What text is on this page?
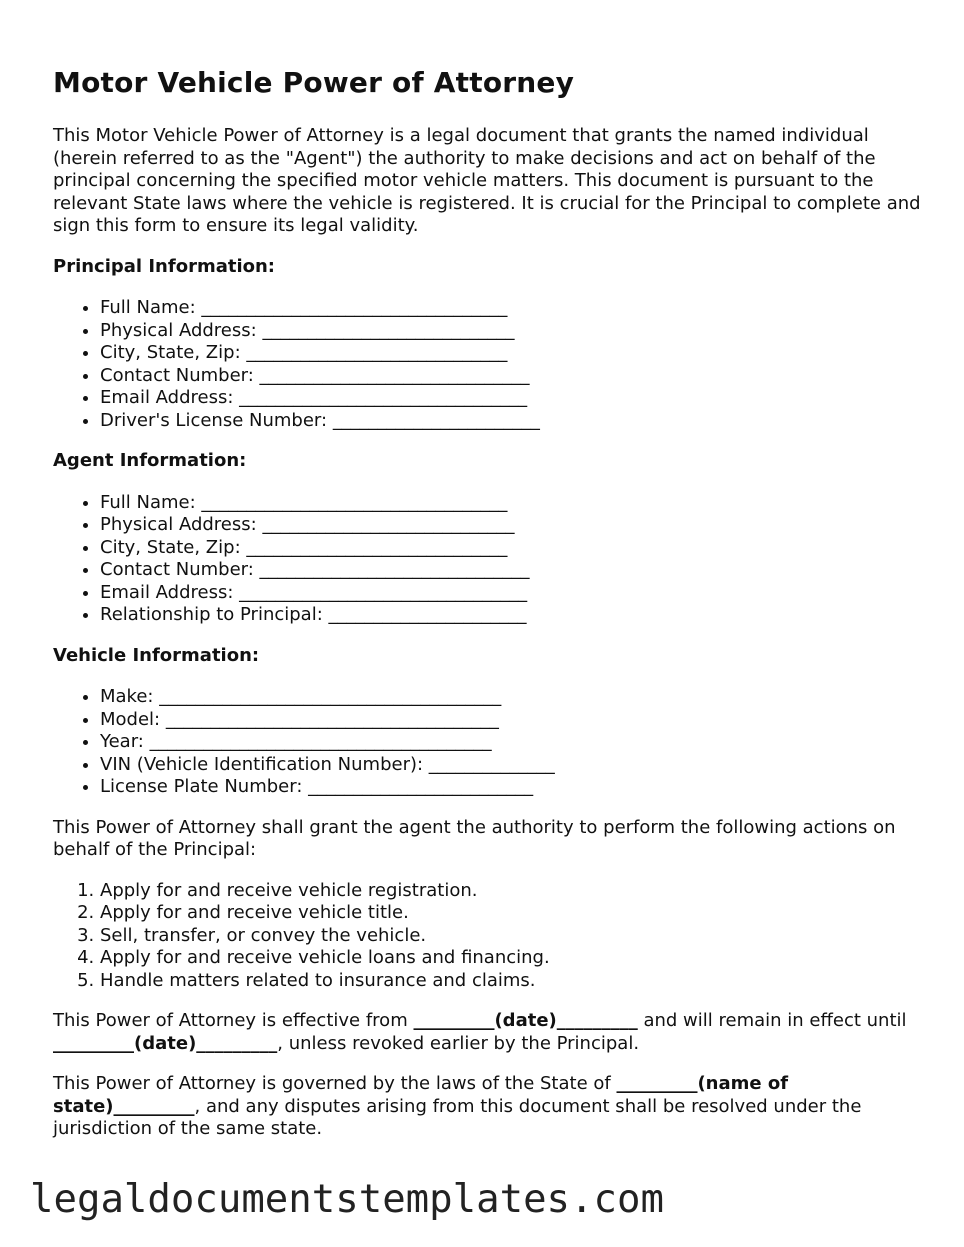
Motor Vehicle Power of Attorney

This Motor Vehicle Power of Attorney is a legal document that grants the named individual (herein referred to as the "Agent") the authority to make decisions and act on behalf of the principal concerning the specified motor vehicle matters. This document is pursuant to the relevant State laws where the vehicle is registered. It is crucial for the Principal to complete and sign this form to ensure its legal validity.

Principal Information:
• Full Name: __________________________________
• Physical Address: ____________________________
• City, State, Zip: _____________________________
• Contact Number: ______________________________
• Email Address: ________________________________
• Driver's License Number: _______________________
Agent Information:
• Full Name: __________________________________
• Physical Address: ____________________________
• City, State, Zip: _____________________________
• Contact Number: ______________________________
• Email Address: ________________________________
• Relationship to Principal: ______________________
Vehicle Information:
• Make: ______________________________________
• Model: _____________________________________
• Year: ______________________________________
• VIN (Vehicle Identification Number): ______________
• License Plate Number: _________________________

This Power of Attorney shall grant the agent the authority to perform the following actions on behalf of the Principal:

1. Apply for and receive vehicle registration.
2. Apply for and receive vehicle title.
3. Sell, transfer, or convey the vehicle.
4. Apply for and receive vehicle loans and financing.
5. Handle matters related to insurance and claims.

This Power of Attorney is effective from _________(date)_________ and will remain in effect until _________(date)_________, unless revoked earlier by the Principal.

This Power of Attorney is governed by the laws of the State of _________(name of state)_________, and any disputes arising from this document shall be resolved under the jurisdiction of the same state.

legaldocumentstemplates.com
